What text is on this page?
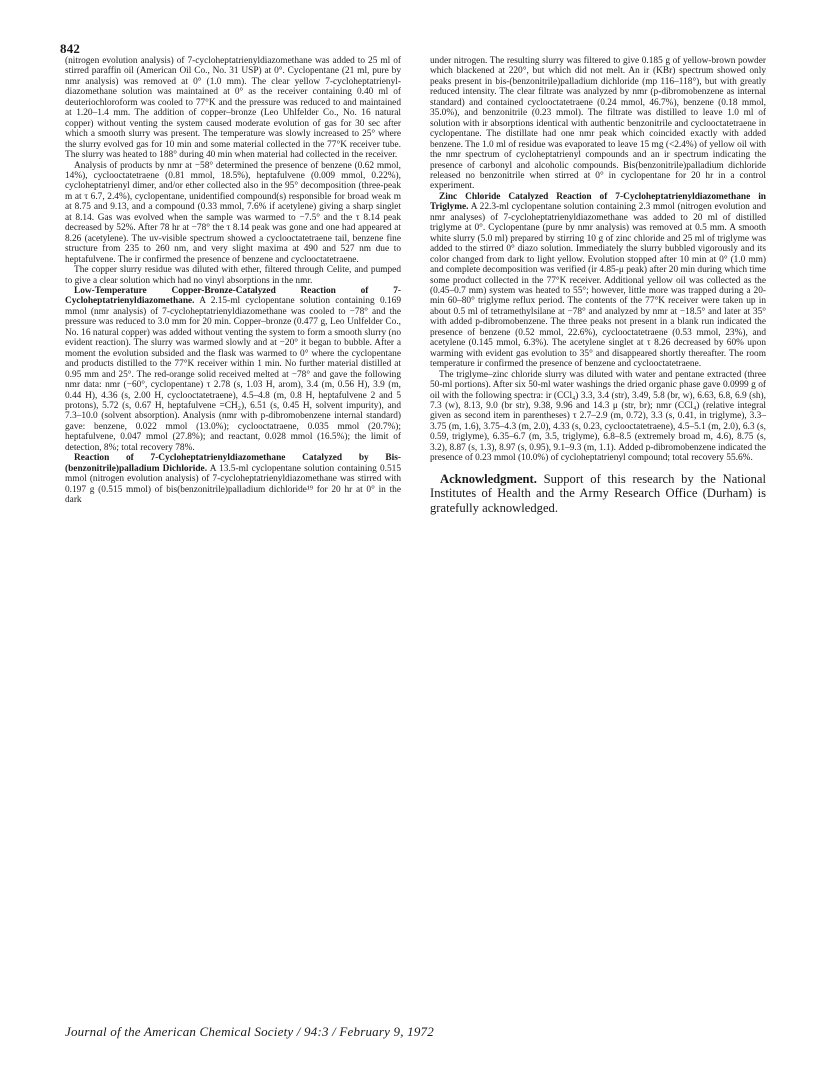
842

(nitrogen evolution analysis) of 7-cycloheptatrienyldiazomethane was added to 25 ml of stirred paraffin oil (American Oil Co., No. 31 USP) at 0°. Cyclopentane (21 ml, pure by nmr analysis) was removed at 0° (1.0 mm). The clear yellow 7-cycloheptatrienyl-diazomethane solution was maintained at 0° as the receiver containing 0.40 ml of deuteriochloroform was cooled to 77°K and the pressure was reduced to and maintained at 1.20–1.4 mm. The addition of copper–bronze (Leo Uhlfelder Co., No. 16 natural copper) without venting the system caused moderate evolution of gas for 30 sec after which a smooth slurry was present. The temperature was slowly increased to 25° where the slurry evolved gas for 10 min and some material collected in the 77°K receiver tube. The slurry was heated to 188° during 40 min when material had collected in the receiver.

Analysis of products by nmr at −58° determined the presence of benzene (0.62 mmol, 14%), cyclooctatetraene (0.81 mmol, 18.5%), heptafulvene (0.009 mmol, 0.22%), cycloheptatrienyl dimer, and/or ether collected also in the 95° decomposition (three-peak m at τ 6.7, 2.4%), cyclopentane, unidentified compound(s) responsible for broad weak m at 8.75 and 9.13, and a compound (0.33 mmol, 7.6% if acetylene) giving a sharp singlet at 8.14. Gas was evolved when the sample was warmed to −7.5° and the τ 8.14 peak decreased by 52%. After 78 hr at −78° the τ 8.14 peak was gone and one had appeared at 8.26 (acetylene). The uv-visible spectrum showed a cyclooctatetraene tail, benzene fine structure from 235 to 260 nm, and very slight maxima at 490 and 527 nm due to heptafulvene. The ir confirmed the presence of benzene and cyclooctatetraene.

The copper slurry residue was diluted with ether, filtered through Celite, and pumped to give a clear solution which had no vinyl absorptions in the nmr.

Low-Temperature Copper-Bronze-Catalyzed Reaction of 7-Cycloheptatrienyldiazomethane. A 2.15-ml cyclopentane solution containing 0.169 mmol (nmr analysis) of 7-cycloheptatrienyldiazomethane was cooled to −78° and the pressure was reduced to 3.0 mm for 20 min. Copper–bronze (0.477 g, Leo Unlfelder Co., No. 16 natural copper) was added without venting the system to form a smooth slurry (no evident reaction). The slurry was warmed slowly and at −20° it began to bubble. After a moment the evolution subsided and the flask was warmed to 0° where the cyclopentane and products distilled to the 77°K receiver within 1 min. No further material distilled at 0.95 mm and 25°. The red-orange solid received melted at −78° and gave the following nmr data: nmr (−60°, cyclopentane) τ 2.78 (s, 1.03 H, arom), 3.4 (m, 0.56 H), 3.9 (m, 0.44 H), 4.36 (s, 2.00 H, cyclooctatetraene), 4.5–4.8 (m, 0.8 H, heptafulvene 2 and 5 protons), 5.72 (s, 0.67 H, heptafulvene =CH₂), 6.51 (s, 0.45 H, solvent impurity), and 7.3–10.0 (solvent absorption). Analysis (nmr with p-dibromobenzene internal standard) gave: benzene, 0.022 mmol (13.0%); cyclooctatraene, 0.035 mmol (20.7%); heptafulvene, 0.047 mmol (27.8%); and reactant, 0.028 mmol (16.5%); the limit of detection, 8%; total recovery 78%.

Reaction of 7-Cycloheptatrienyldiazomethane Catalyzed by Bis-(benzonitrile)palladium Dichloride. A 13.5-ml cyclopentane solution containing 0.515 mmol (nitrogen evolution analysis) of 7-cycloheptatrienyldiazomethane was stirred with 0.197 g (0.515 mmol) of bis(benzonitrile)palladium dichloride¹⁹ for 20 hr at 0° in the dark

under nitrogen. The resulting slurry was filtered to give 0.185 g of yellow-brown powder which blackened at 220°, but which did not melt. An ir (KBr) spectrum showed only peaks present in bis-(benzonitrile)palladium dichloride (mp 116–118°), but with greatly reduced intensity. The clear filtrate was analyzed by nmr (p-dibromobenzene as internal standard) and contained cyclooctatetraene (0.24 mmol, 46.7%), benzene (0.18 mmol, 35.0%), and benzonitrile (0.23 mmol). The filtrate was distilled to leave 1.0 ml of solution with ir absorptions identical with authentic benzonitrile and cyclooctatetraene in cyclopentane. The distillate had one nmr peak which coincided exactly with added benzene. The 1.0 ml of residue was evaporated to leave 15 mg (<2.4%) of yellow oil with the nmr spectrum of cycloheptatrienyl compounds and an ir spectrum indicating the presence of carbonyl and alcoholic compounds. Bis(benzonitrile)palladium dichloride released no benzonitrile when stirred at 0° in cyclopentane for 20 hr in a control experiment.

Zinc Chloride Catalyzed Reaction of 7-Cycloheptatrienyldiazomethane in Triglyme. A 22.3-ml cyclopentane solution containing 2.3 mmol (nitrogen evolution and nmr analyses) of 7-cycloheptatrienyldiazomethane was added to 20 ml of distilled triglyme at 0°. Cyclopentane (pure by nmr analysis) was removed at 0.5 mm. A smooth white slurry (5.0 ml) prepared by stirring 10 g of zinc chloride and 25 ml of triglyme was added to the stirred 0° diazo solution. Immediately the slurry bubbled vigorously and its color changed from dark to light yellow. Evolution stopped after 10 min at 0° (1.0 mm) and complete decomposition was verified (ir 4.85-μ peak) after 20 min during which time some product collected in the 77°K receiver. Additional yellow oil was collected as the (0.45–0.7 mm) system was heated to 55°; however, little more was trapped during a 20-min 60–80° triglyme reflux period. The contents of the 77°K receiver were taken up in about 0.5 ml of tetramethylsilane at −78° and analyzed by nmr at −18.5° and later at 35° with added p-dibromobenzene. The three peaks not present in a blank run indicated the presence of benzene (0.52 mmol, 22.6%), cyclooctatetraene (0.53 mmol, 23%), and acetylene (0.145 mmol, 6.3%). The acetylene singlet at τ 8.26 decreased by 60% upon warming with evident gas evolution to 35° and disappeared shortly thereafter. The room temperature ir confirmed the presence of benzene and cyclooctatetraene.

The triglyme–zinc chloride slurry was diluted with water and pentane extracted (three 50-ml portions). After six 50-ml water washings the dried organic phase gave 0.0999 g of oil with the following spectra: ir (CCl₄) 3.3, 3.4 (str), 3.49, 5.8 (br, w), 6.63, 6.8, 6.9 (sh), 7.3 (w), 8.13, 9.0 (br str), 9.38, 9.96 and 14.3 μ (str, br); nmr (CCl₄) (relative integral given as second item in parentheses) τ 2.7–2.9 (m, 0.72), 3.3 (s, 0.41, in triglyme), 3.3–3.75 (m, 1.6), 3.75–4.3 (m, 2.0), 4.33 (s, 0.23, cyclooctatetraene), 4.5–5.1 (m, 2.0), 6.3 (s, 0.59, triglyme), 6.35–6.7 (m, 3.5, triglyme), 6.8–8.5 (extremely broad m, 4.6), 8.75 (s, 3.2), 8.87 (s, 1.3), 8.97 (s, 0.95), 9.1–9.3 (m, 1.1). Added p-dibromobenzene indicated the presence of 0.23 mmol (10.0%) of cycloheptatrienyl compound; total recovery 55.6%.

Acknowledgment. Support of this research by the National Institutes of Health and the Army Research Office (Durham) is gratefully acknowledged.

Journal of the American Chemical Society / 94:3 / February 9, 1972
